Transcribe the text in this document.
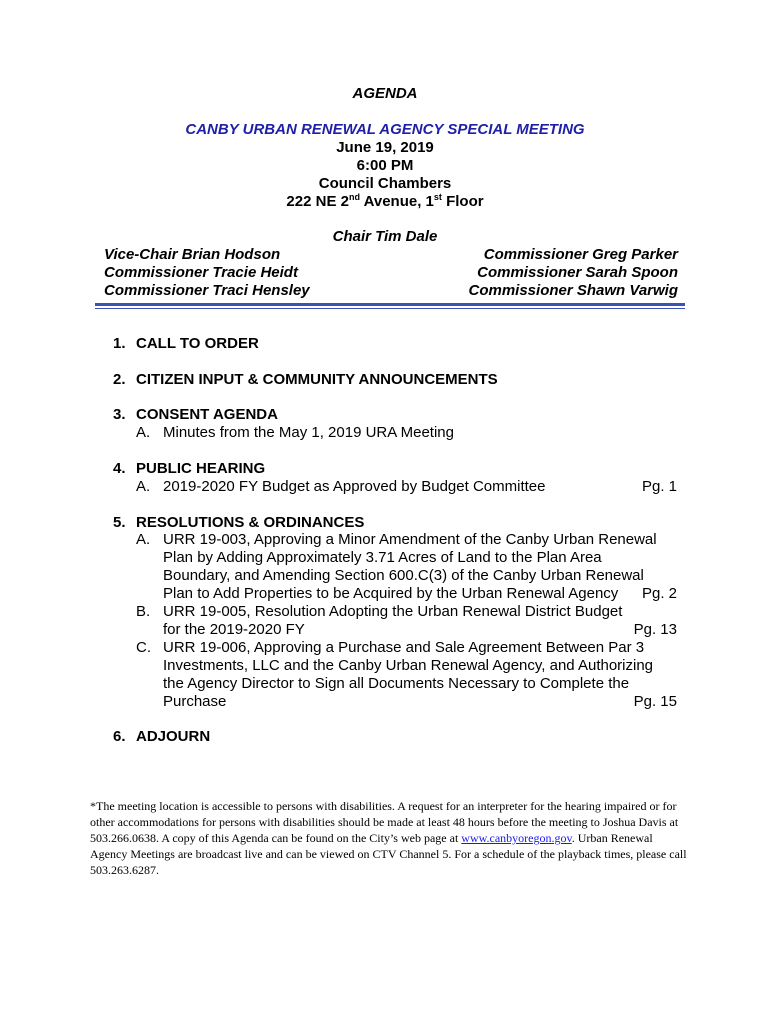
AGENDA
CANBY URBAN RENEWAL AGENCY SPECIAL MEETING
June 19, 2019
6:00 PM
Council Chambers
222 NE 2nd Avenue, 1st Floor
Chair Tim Dale
Vice-Chair Brian Hodson
Commissioner Tracie Heidt
Commissioner Traci Hensley
Commissioner Greg Parker
Commissioner Sarah Spoon
Commissioner Shawn Varwig
1. CALL TO ORDER
2. CITIZEN INPUT & COMMUNITY ANNOUNCEMENTS
3. CONSENT AGENDA
A. Minutes from the May 1, 2019 URA Meeting
4. PUBLIC HEARING
A. 2019-2020 FY Budget as Approved by Budget Committee	Pg. 1
5. RESOLUTIONS & ORDINANCES
A. URR 19-003, Approving a Minor Amendment of the Canby Urban Renewal
Plan by Adding Approximately 3.71 Acres of Land to the Plan Area
Boundary, and Amending Section 600.C(3) of the Canby Urban Renewal
Plan to Add Properties to be Acquired by the Urban Renewal Agency Pg. 2
B. URR 19-005, Resolution Adopting the Urban Renewal District Budget
for the 2019-2020 FY	Pg. 13
C. URR 19-006, Approving a Purchase and Sale Agreement Between Par 3
Investments, LLC and the Canby Urban Renewal Agency, and Authorizing
the Agency Director to Sign all Documents Necessary to Complete the
Purchase	Pg. 15
6. ADJOURN
*The meeting location is accessible to persons with disabilities. A request for an interpreter for the hearing impaired or for other accommodations for persons with disabilities should be made at least 48 hours before the meeting to Joshua Davis at 503.266.0638. A copy of this Agenda can be found on the City’s web page at www.canbyoregon.gov. Urban Renewal Agency Meetings are broadcast live and can be viewed on CTV Channel 5. For a schedule of the playback times, please call 503.263.6287.
